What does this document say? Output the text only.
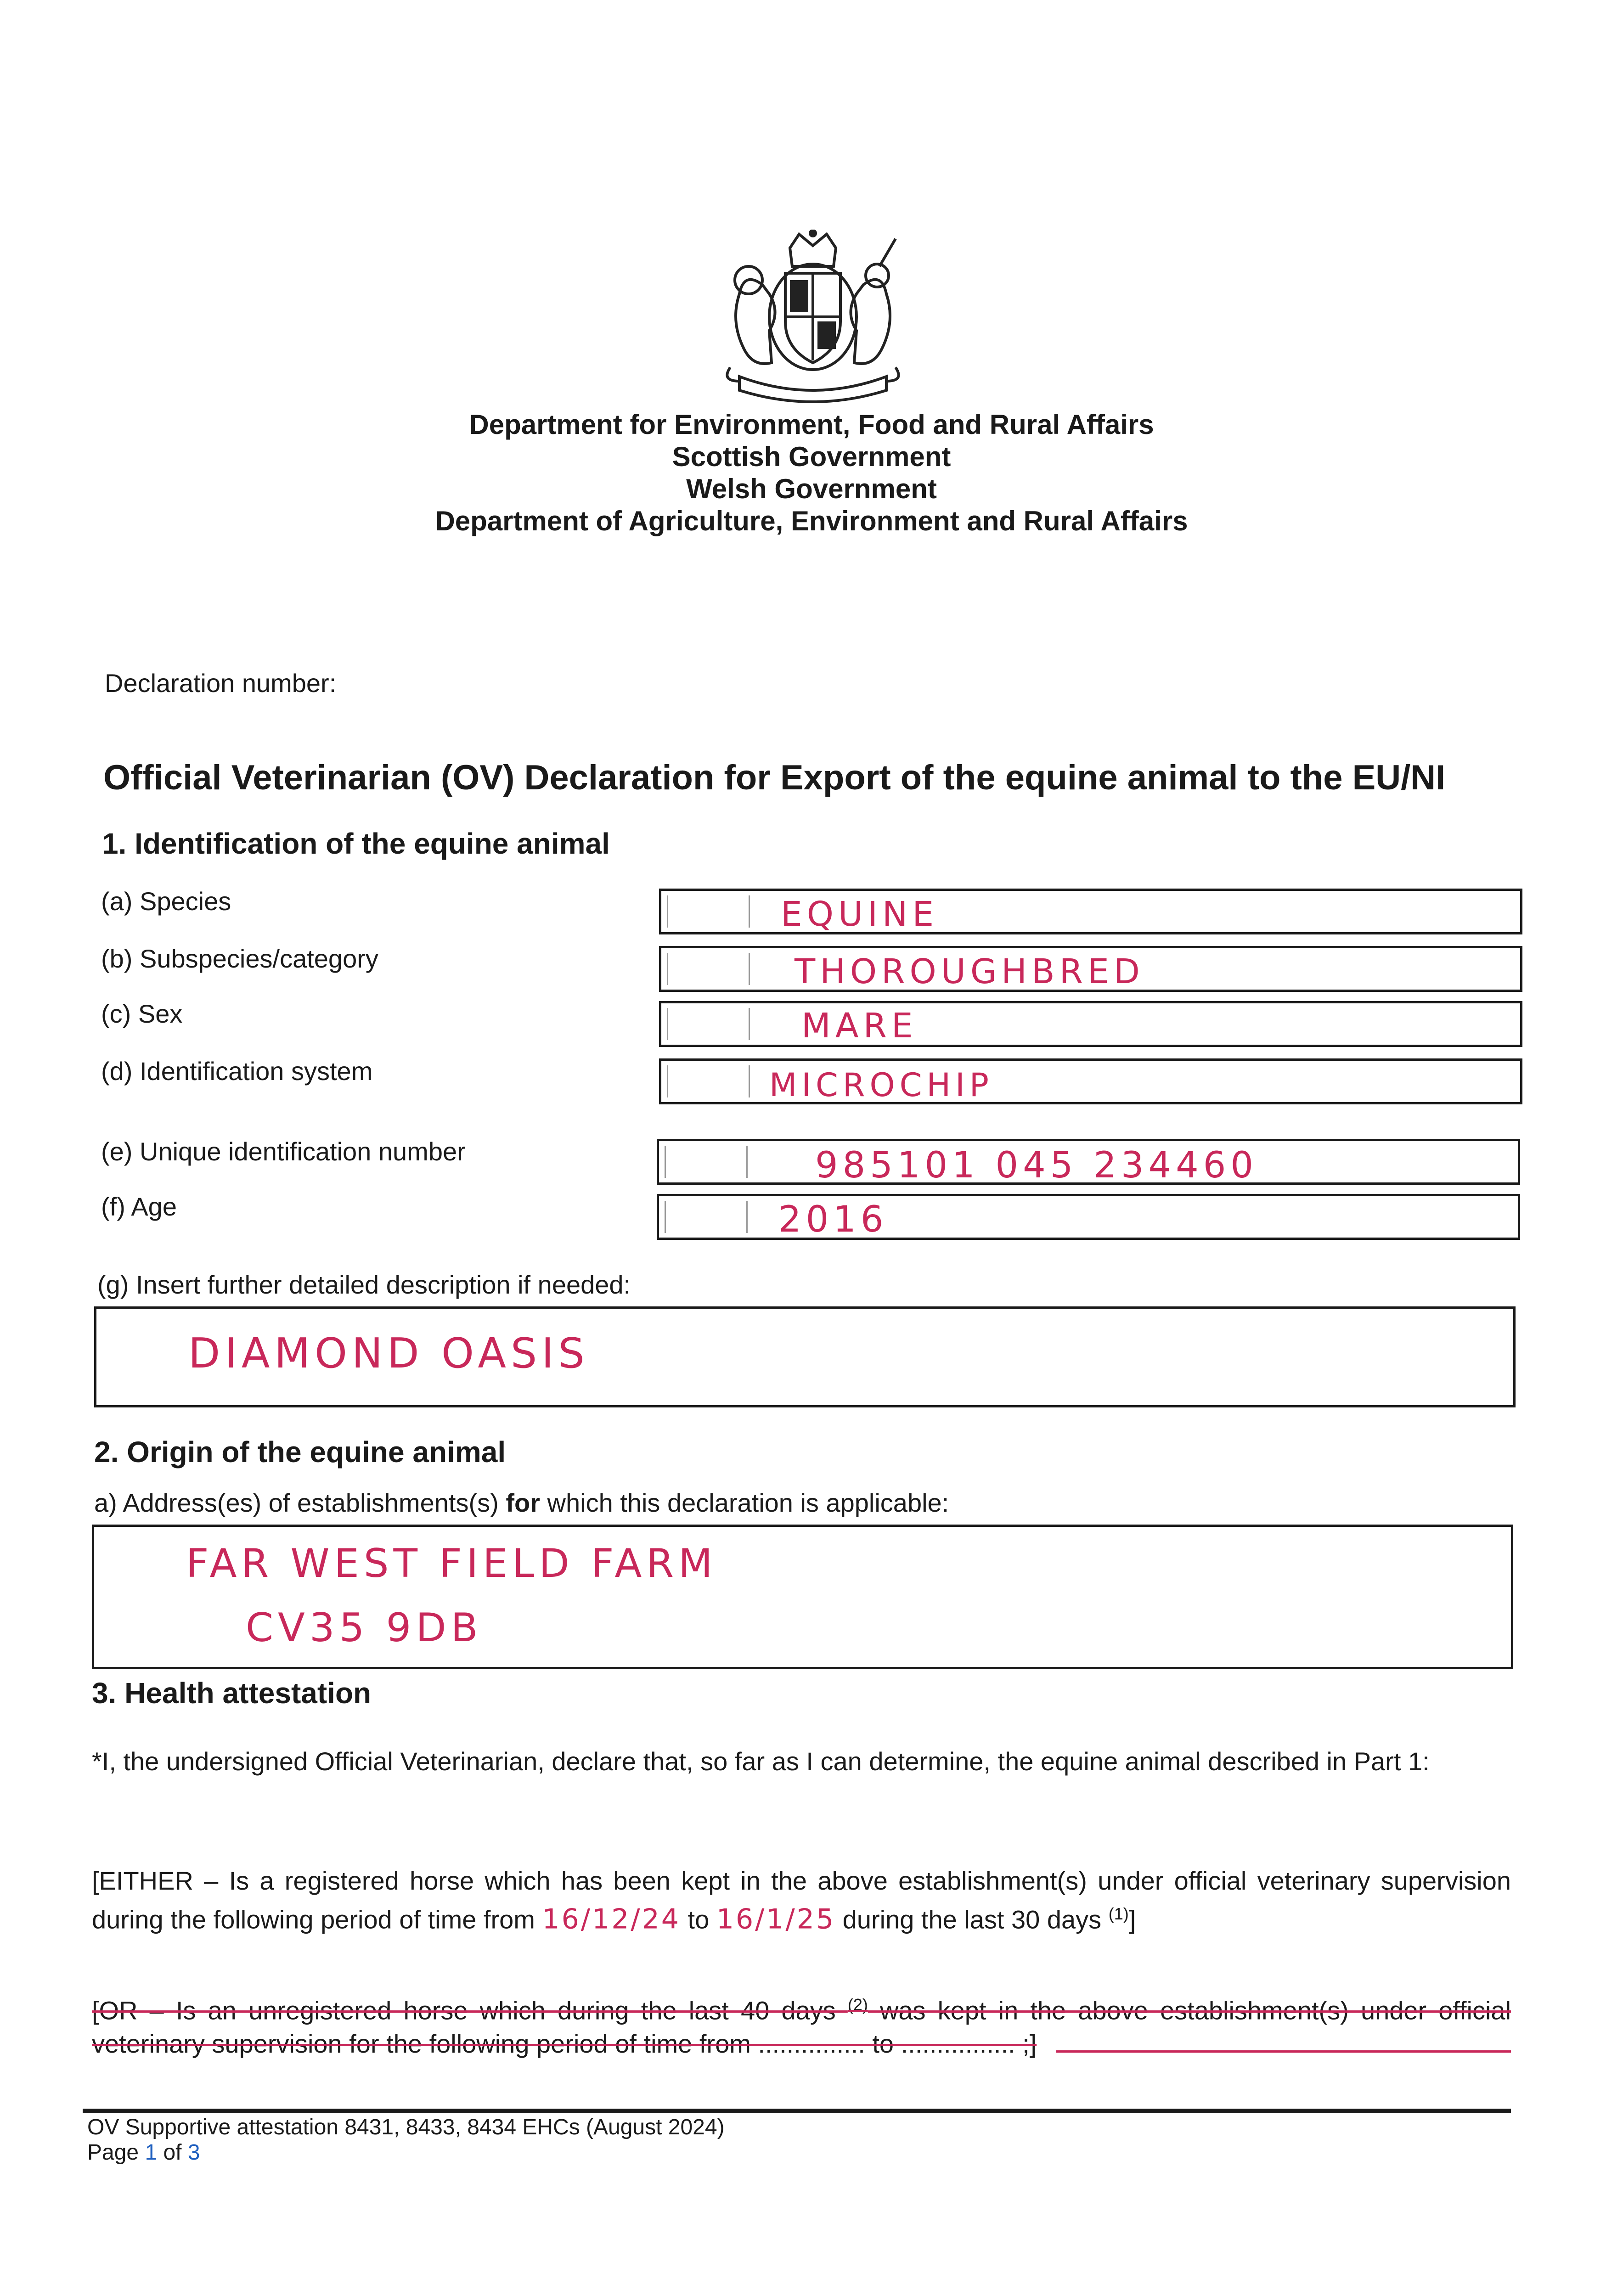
Department for Environment, Food and Rural Affairs
Scottish Government
Welsh Government
Department of Agriculture, Environment and Rural Affairs
Declaration number:
Official Veterinarian (OV) Declaration for Export of the equine animal to the EU/NI
1. Identification of the equine animal
(a) Species	EQUINE
(b) Subspecies/category	THOROUGHBRED
(c) Sex	MARE
(d) Identification system	MICROCHIP
(e) Unique identification number	985101 045 234460
(f) Age	2016
(g) Insert further detailed description if needed:
DIAMOND OASIS
2. Origin of the equine animal
a) Address(es) of establishments(s) for which this declaration is applicable:
FAR WEST FIELD FARM
CV35 9DB
3. Health attestation
*I, the undersigned Official Veterinarian, declare that, so far as I can determine, the equine animal described in Part 1:
[EITHER – Is a registered horse which has been kept in the above establishment(s) under official veterinary supervision during the following period of time from 16/12/24 to 16/1/25 during the last 30 days $^{(1)}$]
[OR – Is an unregistered horse which during the last 40 days $^{(2)}$ was kept in the above establishment(s) under official veterinary supervision for the following period of time from ............... to ................ ;]
OV Supportive attestation 8431, 8433, 8434 EHCs (August 2024)
Page 1 of 3
